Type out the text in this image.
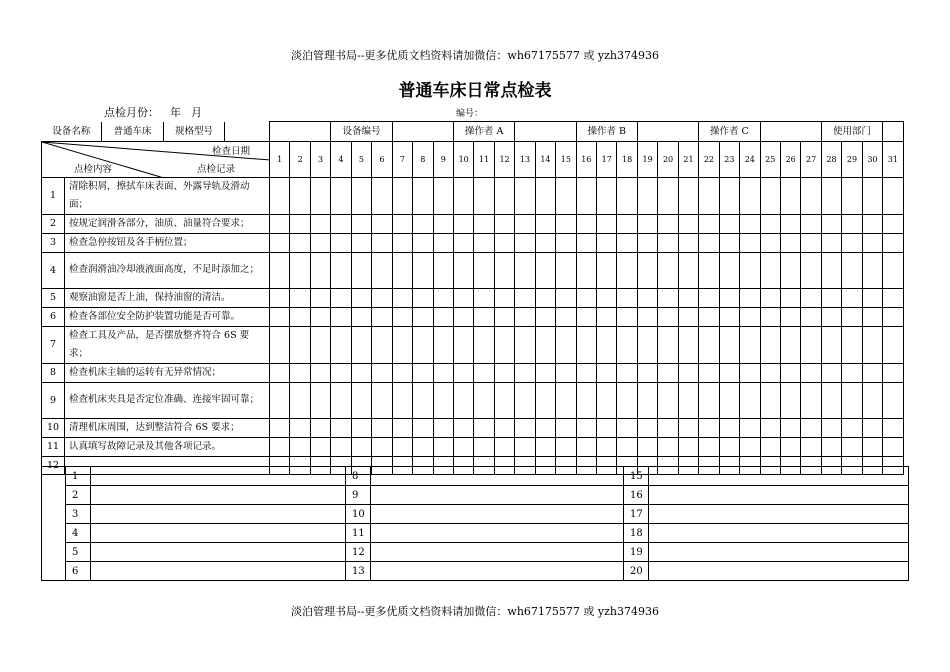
淡泊管理书局--更多优质文档资料请加微信：wh67175577 或 yzh374936
普通车床日常点检表
点检月份： 年 月	编号：
设备名称	普通车床	规格型号	
			设备编号		操作者 A		操作者 B		操作者 C		使用部门	

检查日期
点检内容	点检记录
	1	2	3	4	5	6	7	8	9	10	11	12	13	14	15	16	17	18	19	20	21	22	23	24	25	26	27	28	29	30	31
1	清除积屑，擦拭车床表面、外露导轨及滑动面；																															
2	按规定润滑各部分，油质、油量符合要求；																															
3	检查急停按钮及各手柄位置；																															
4	检查润滑油冷却液液面高度，不足时添加之；																															
5	观察油窗是否上油，保持油窗的清洁。																															
6	检查各部位安全防护装置功能是否可靠。																															
7	检查工具及产品，是否摆放整齐符合 6S 要求；																															
8	检查机床主轴的运转有无异常情况；																															
9	检查机床夹具是否定位准确、连接牢固可靠；																															
10	清理机床周围，达到整洁符合 6S 要求；																															
11	认真填写故障记录及其他各项记录。																															
12																																
	1		8		15	
	2		9		16	
	3		10		17	
	4		11		18	
	5		12		19	
	6		13		20	
淡泊管理书局--更多优质文档资料请加微信：wh67175577 或 yzh374936
